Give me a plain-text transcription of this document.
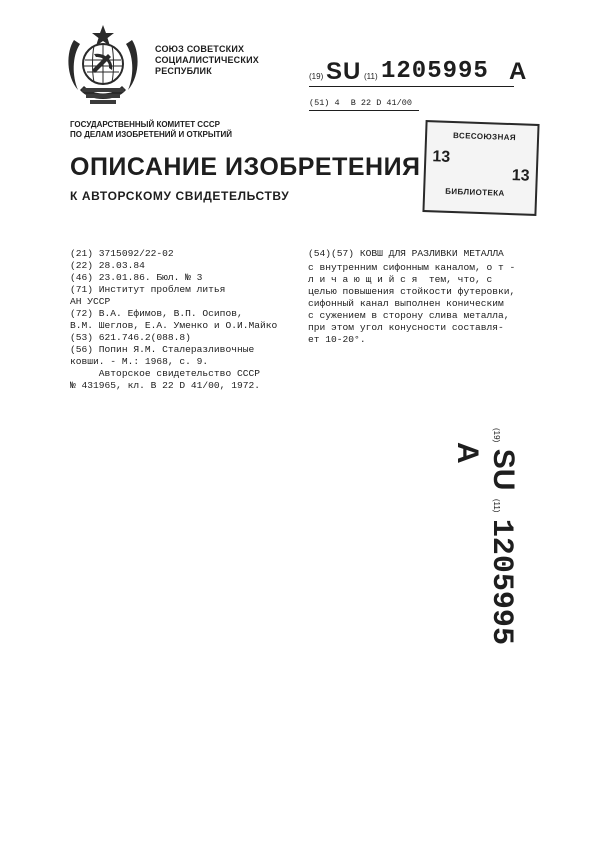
СОЮЗ СОВЕТСКИХ
СОЦИАЛИСТИЧЕСКИХ
РЕСПУБЛИК
(19) SU (11) 1205995 A
(51) 4 В 22 D 41/00
ГОСУДАРСТВЕННЫЙ КОМИТЕТ СССР
ПО ДЕЛАМ ИЗОБРЕТЕНИЙ И ОТКРЫТИЙ
ОПИСАНИЕ ИЗОБРЕТЕНИЯ
К АВТОРСКОМУ СВИДЕТЕЛЬСТВУ
ВСЕСОЮЗНАЯ
13
13
БИБЛИОТЕКА
(21) 3715092/22-02
(22) 28.03.84
(46) 23.01.86. Бюл. № 3
(71) Институт проблем литья
АН УССР
(72) В.А. Ефимов, В.П. Осипов,
В.М. Шеглов, Е.А. Уменко и О.И.Майко
(53) 621.746.2(088.8)
(56) Попин Я.М. Сталеразливочные
ковши. - М.: 1968, с. 9.
Авторское свидетельство СССР
№ 431965, кл. В 22 D 41/00, 1972.
(54)(57) КОВШ ДЛЯ РАЗЛИВКИ МЕТАЛЛА
с внутренним сифонным каналом, о т -
л и ч а ю щ и й с я  тем, что, с
целью повышения стойкости футеровки,
сифонный канал выполнен коническим
с сужением в сторону слива металла,
при этом угол конусности составля-
ет 10-20°.
(19) SU (11) 1205995 A
